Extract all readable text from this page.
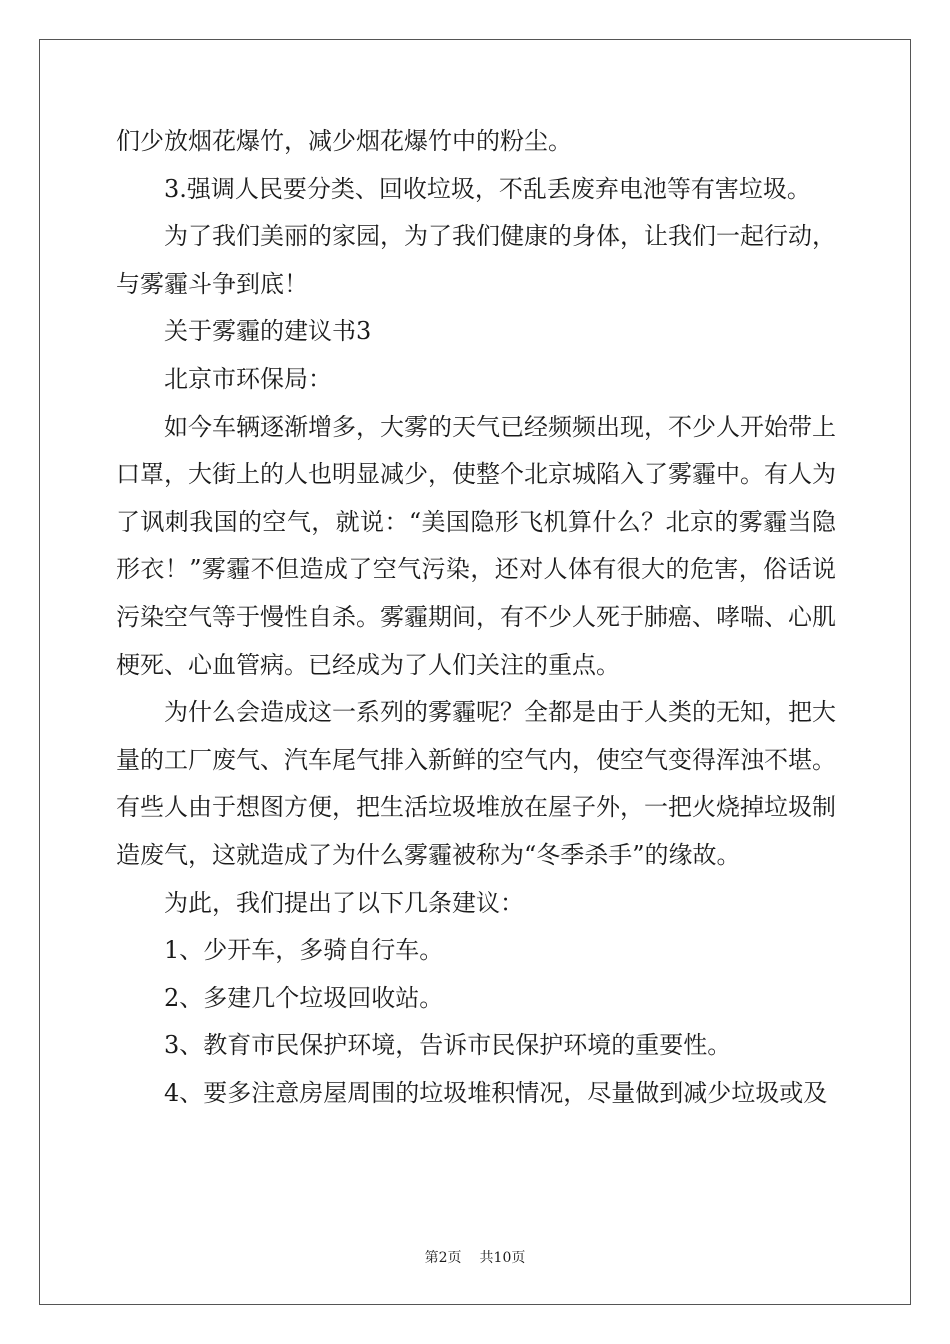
们少放烟花爆竹，减少烟花爆竹中的粉尘。

3.强调人民要分类、回收垃圾，不乱丢废弃电池等有害垃圾。

为了我们美丽的家园，为了我们健康的身体，让我们一起行动，与雾霾斗争到底！

关于雾霾的建议书3

北京市环保局：

如今车辆逐渐增多，大雾的天气已经频频出现，不少人开始带上口罩，大街上的人也明显减少，使整个北京城陷入了雾霾中。有人为了讽刺我国的空气，就说：“美国隐形飞机算什么？北京的雾霾当隐形衣！”雾霾不但造成了空气污染，还对人体有很大的危害，俗话说污染空气等于慢性自杀。雾霾期间，有不少人死于肺癌、哮喘、心肌梗死、心血管病。已经成为了人们关注的重点。

为什么会造成这一系列的雾霾呢？全都是由于人类的无知，把大量的工厂废气、汽车尾气排入新鲜的空气内，使空气变得浑浊不堪。有些人由于想图方便，把生活垃圾堆放在屋子外，一把火烧掉垃圾制造废气，这就造成了为什么雾霾被称为“冬季杀手”的缘故。

为此，我们提出了以下几条建议：

1、少开车，多骑自行车。

2、多建几个垃圾回收站。

3、教育市民保护环境，告诉市民保护环境的重要性。

4、要多注意房屋周围的垃圾堆积情况，尽量做到减少垃圾或及

第2页 共10页
